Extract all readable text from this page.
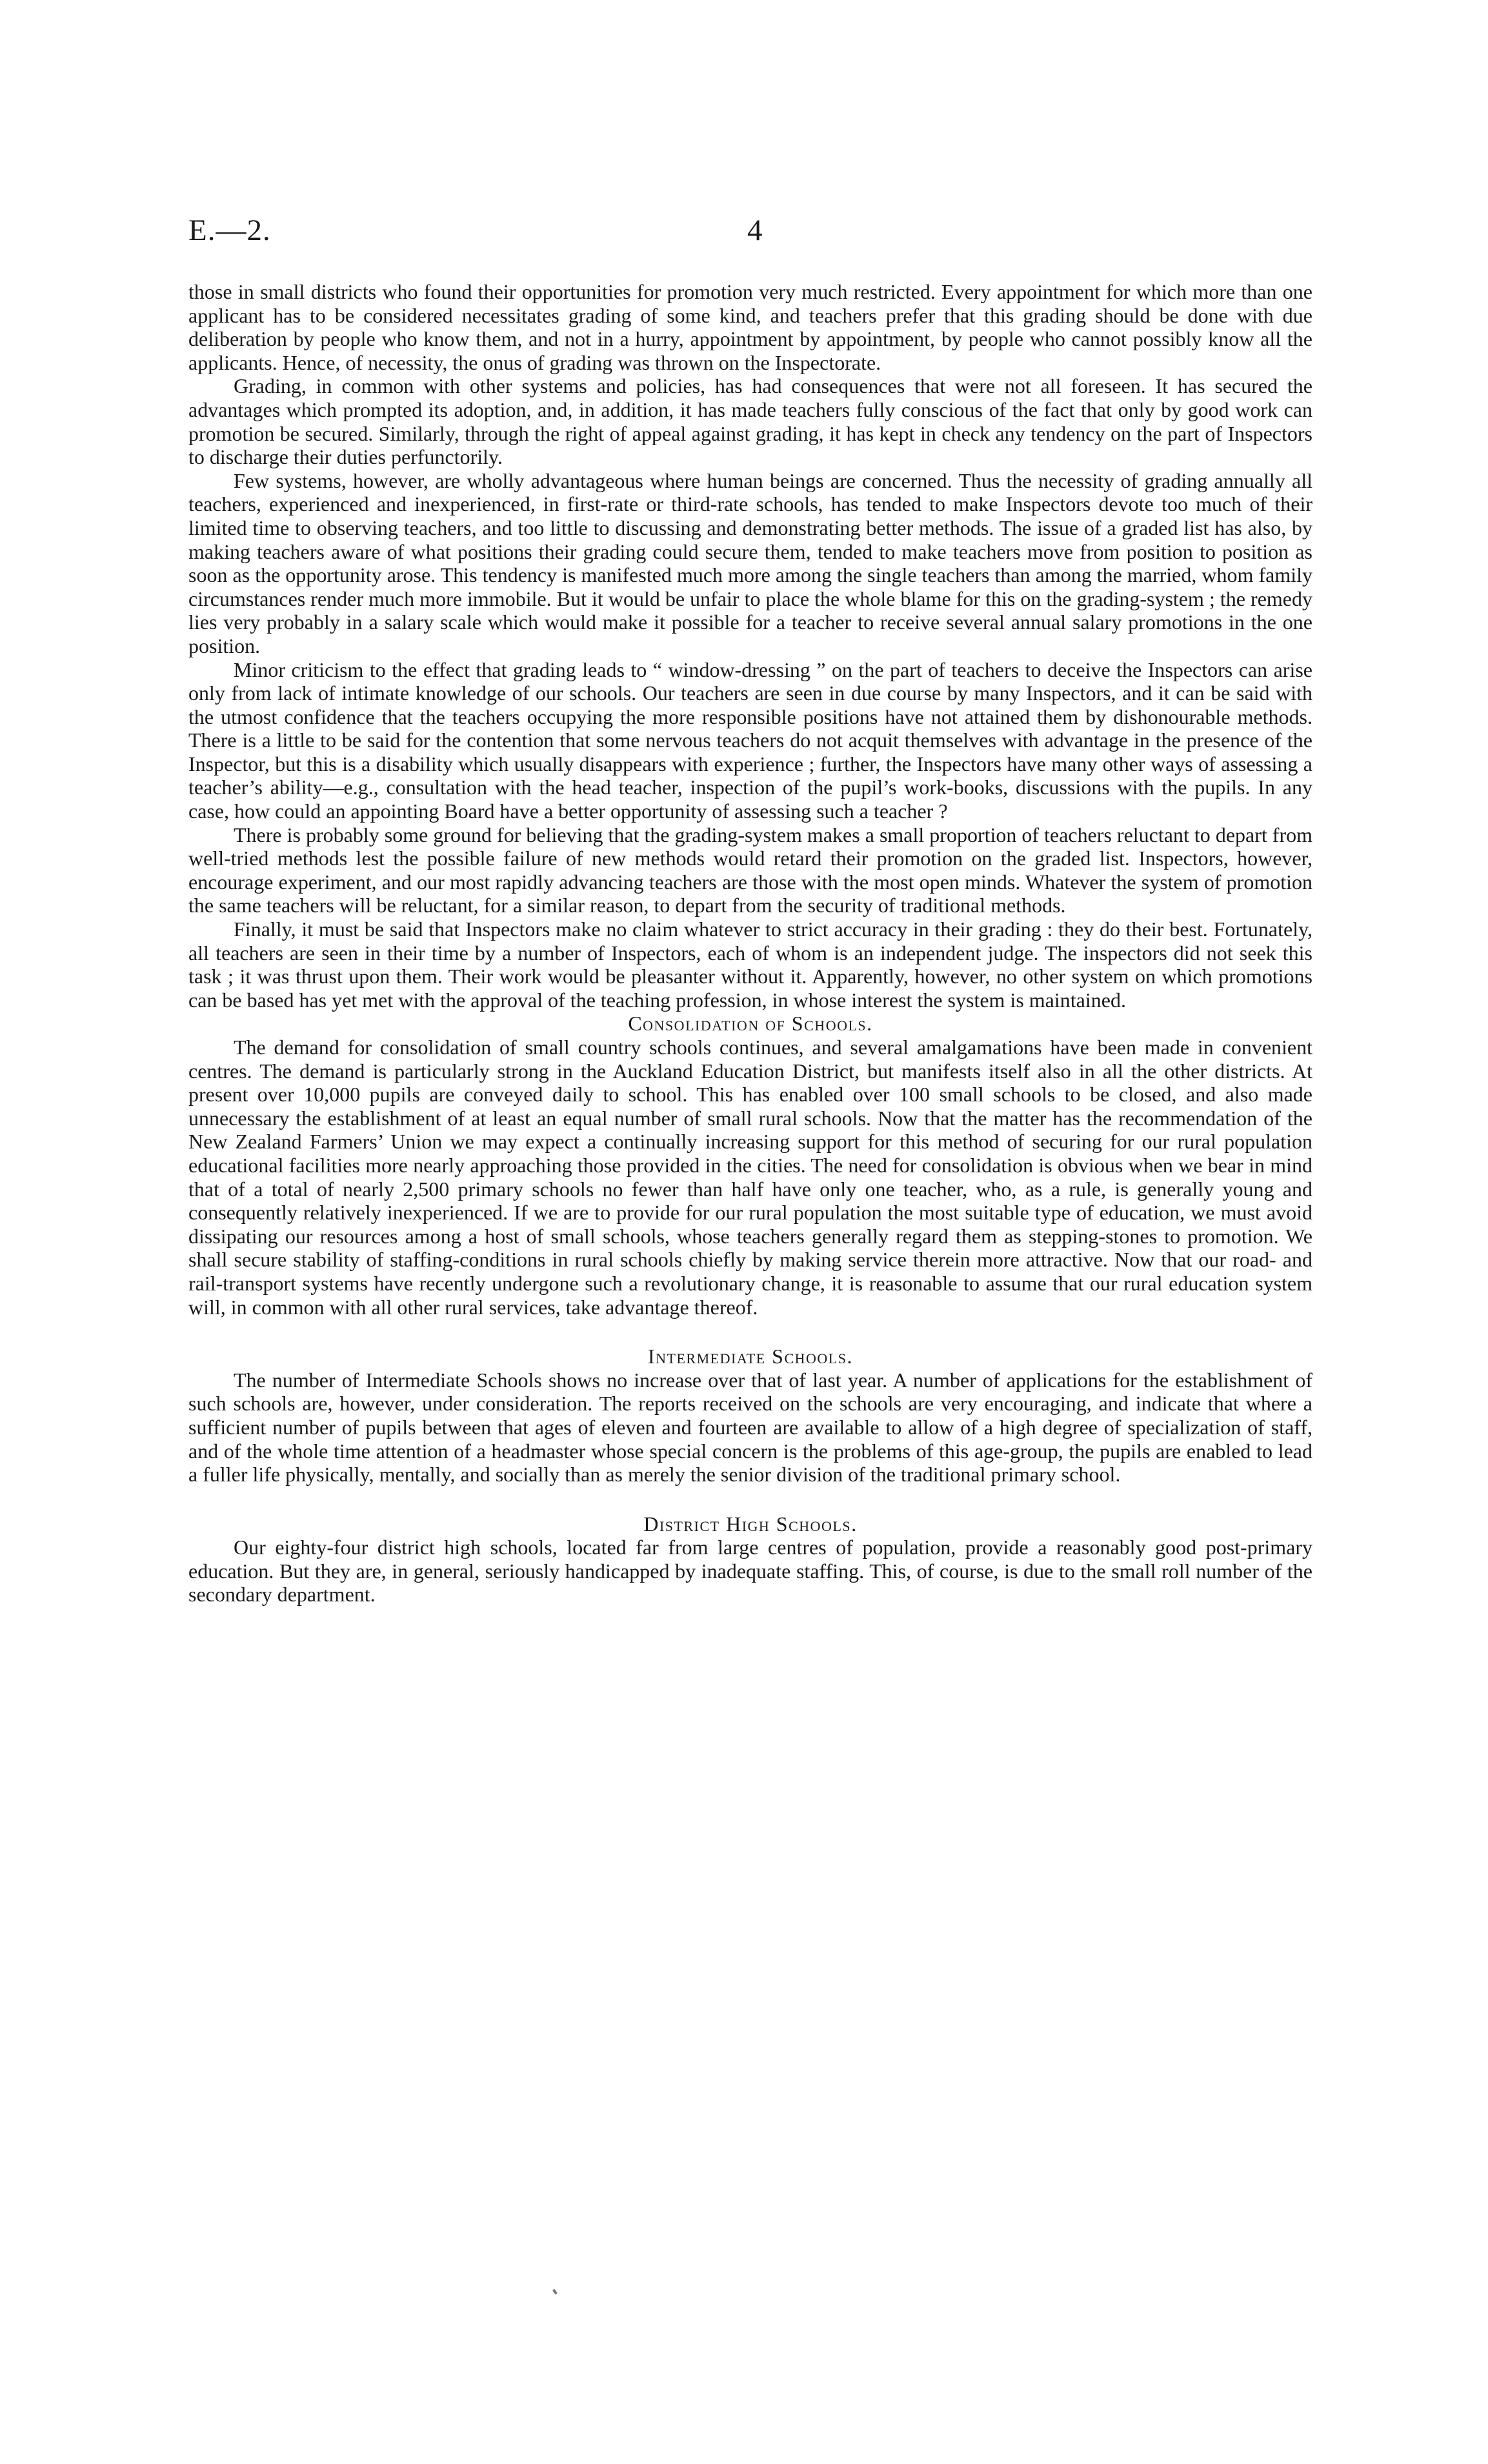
E.—2.	4

those in small districts who found their opportunities for promotion very much restricted. Every appointment for which more than one applicant has to be considered necessitates grading of some kind, and teachers prefer that this grading should be done with due deliberation by people who know them, and not in a hurry, appointment by appointment, by people who cannot possibly know all the applicants. Hence, of necessity, the onus of grading was thrown on the Inspectorate.

Grading, in common with other systems and policies, has had consequences that were not all foreseen. It has secured the advantages which prompted its adoption, and, in addition, it has made teachers fully conscious of the fact that only by good work can promotion be secured. Similarly, through the right of appeal against grading, it has kept in check any tendency on the part of Inspectors to discharge their duties perfunctorily.

Few systems, however, are wholly advantageous where human beings are concerned. Thus the necessity of grading annually all teachers, experienced and inexperienced, in first-rate or third-rate schools, has tended to make Inspectors devote too much of their limited time to observing teachers, and too little to discussing and demonstrating better methods. The issue of a graded list has also, by making teachers aware of what positions their grading could secure them, tended to make teachers move from position to position as soon as the opportunity arose. This tendency is manifested much more among the single teachers than among the married, whom family circumstances render much more immobile. But it would be unfair to place the whole blame for this on the grading-system ; the remedy lies very probably in a salary scale which would make it possible for a teacher to receive several annual salary promotions in the one position.

Minor criticism to the effect that grading leads to “ window-dressing ” on the part of teachers to deceive the Inspectors can arise only from lack of intimate knowledge of our schools. Our teachers are seen in due course by many Inspectors, and it can be said with the utmost confidence that the teachers occupying the more responsible positions have not attained them by dishonourable methods. There is a little to be said for the contention that some nervous teachers do not acquit themselves with advantage in the presence of the Inspector, but this is a disability which usually disappears with experience ; further, the Inspectors have many other ways of assessing a teacher’s ability—e.g., consultation with the head teacher, inspection of the pupil’s work-books, discussions with the pupils. In any case, how could an appointing Board have a better opportunity of assessing such a teacher ?

There is probably some ground for believing that the grading-system makes a small proportion of teachers reluctant to depart from well-tried methods lest the possible failure of new methods would retard their promotion on the graded list. Inspectors, however, encourage experiment, and our most rapidly advancing teachers are those with the most open minds. Whatever the system of promotion the same teachers will be reluctant, for a similar reason, to depart from the security of traditional methods.

Finally, it must be said that Inspectors make no claim whatever to strict accuracy in their grading : they do their best. Fortunately, all teachers are seen in their time by a number of Inspectors, each of whom is an independent judge. The inspectors did not seek this task ; it was thrust upon them. Their work would be pleasanter without it. Apparently, however, no other system on which promotions can be based has yet met with the approval of the teaching profession, in whose interest the system is maintained.

Consolidation of Schools.

The demand for consolidation of small country schools continues, and several amalgamations have been made in convenient centres. The demand is particularly strong in the Auckland Education District, but manifests itself also in all the other districts. At present over 10,000 pupils are conveyed daily to school. This has enabled over 100 small schools to be closed, and also made unnecessary the establishment of at least an equal number of small rural schools. Now that the matter has the recommendation of the New Zealand Farmers’ Union we may expect a continually increasing support for this method of securing for our rural population educational facilities more nearly approaching those provided in the cities. The need for consolidation is obvious when we bear in mind that of a total of nearly 2,500 primary schools no fewer than half have only one teacher, who, as a rule, is generally young and consequently relatively inexperienced. If we are to provide for our rural population the most suitable type of education, we must avoid dissipating our resources among a host of small schools, whose teachers generally regard them as stepping-stones to promotion. We shall secure stability of staffing-conditions in rural schools chiefly by making service therein more attractive. Now that our road- and rail-transport systems have recently undergone such a revolutionary change, it is reasonable to assume that our rural education system will, in common with all other rural services, take advantage thereof.

Intermediate Schools.

The number of Intermediate Schools shows no increase over that of last year. A number of applications for the establishment of such schools are, however, under consideration. The reports received on the schools are very encouraging, and indicate that where a sufficient number of pupils between that ages of eleven and fourteen are available to allow of a high degree of specialization of staff, and of the whole time attention of a headmaster whose special concern is the problems of this age-group, the pupils are enabled to lead a fuller life physically, mentally, and socially than as merely the senior division of the traditional primary school.

District High Schools.

Our eighty-four district high schools, located far from large centres of population, provide a reasonably good post-primary education. But they are, in general, seriously handicapped by inadequate staffing. This, of course, is due to the small roll number of the secondary department.
